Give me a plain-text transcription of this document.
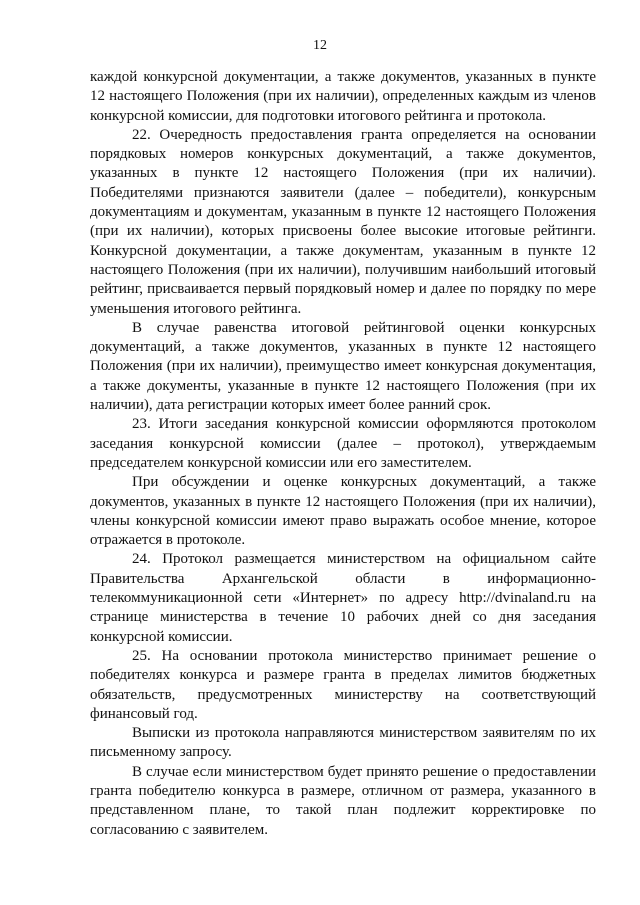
12

каждой конкурсной документации, а также документов, указанных в пункте 12 настоящего Положения (при их наличии), определенных каждым из членов конкурсной комиссии, для подготовки итогового рейтинга и протокола.

22. Очередность предоставления гранта определяется на основании порядковых номеров конкурсных документаций, а также документов, указанных в пункте 12 настоящего Положения (при их наличии). Победителями признаются заявители (далее – победители), конкурсным документациям и документам, указанным в пункте 12 настоящего Положения (при их наличии), которых присвоены более высокие итоговые рейтинги. Конкурсной документации, а также документам, указанным в пункте 12 настоящего Положения (при их наличии), получившим наибольший итоговый рейтинг, присваивается первый порядковый номер и далее по порядку по мере уменьшения итогового рейтинга.

В случае равенства итоговой рейтинговой оценки конкурсных документаций, а также документов, указанных в пункте 12 настоящего Положения (при их наличии), преимущество имеет конкурсная документация, а также документы, указанные в пункте 12 настоящего Положения (при их наличии), дата регистрации которых имеет более ранний срок.

23. Итоги заседания конкурсной комиссии оформляются протоколом заседания конкурсной комиссии (далее – протокол), утверждаемым председателем конкурсной комиссии или его заместителем.

При обсуждении и оценке конкурсных документаций, а также документов, указанных в пункте 12 настоящего Положения (при их наличии), члены конкурсной комиссии имеют право выражать особое мнение, которое отражается в протоколе.

24. Протокол размещается министерством на официальном сайте Правительства Архангельской области в информационно-телекоммуникационной сети «Интернет» по адресу http://dvinaland.ru на странице министерства в течение 10 рабочих дней со дня заседания конкурсной комиссии.

25. На основании протокола министерство принимает решение о победителях конкурса и размере гранта в пределах лимитов бюджетных обязательств, предусмотренных министерству на соответствующий финансовый год.

Выписки из протокола направляются министерством заявителям по их письменному запросу.

В случае если министерством будет принято решение о предоставлении гранта победителю конкурса в размере, отличном от размера, указанного в представленном плане, то такой план подлежит корректировке по согласованию с заявителем.
